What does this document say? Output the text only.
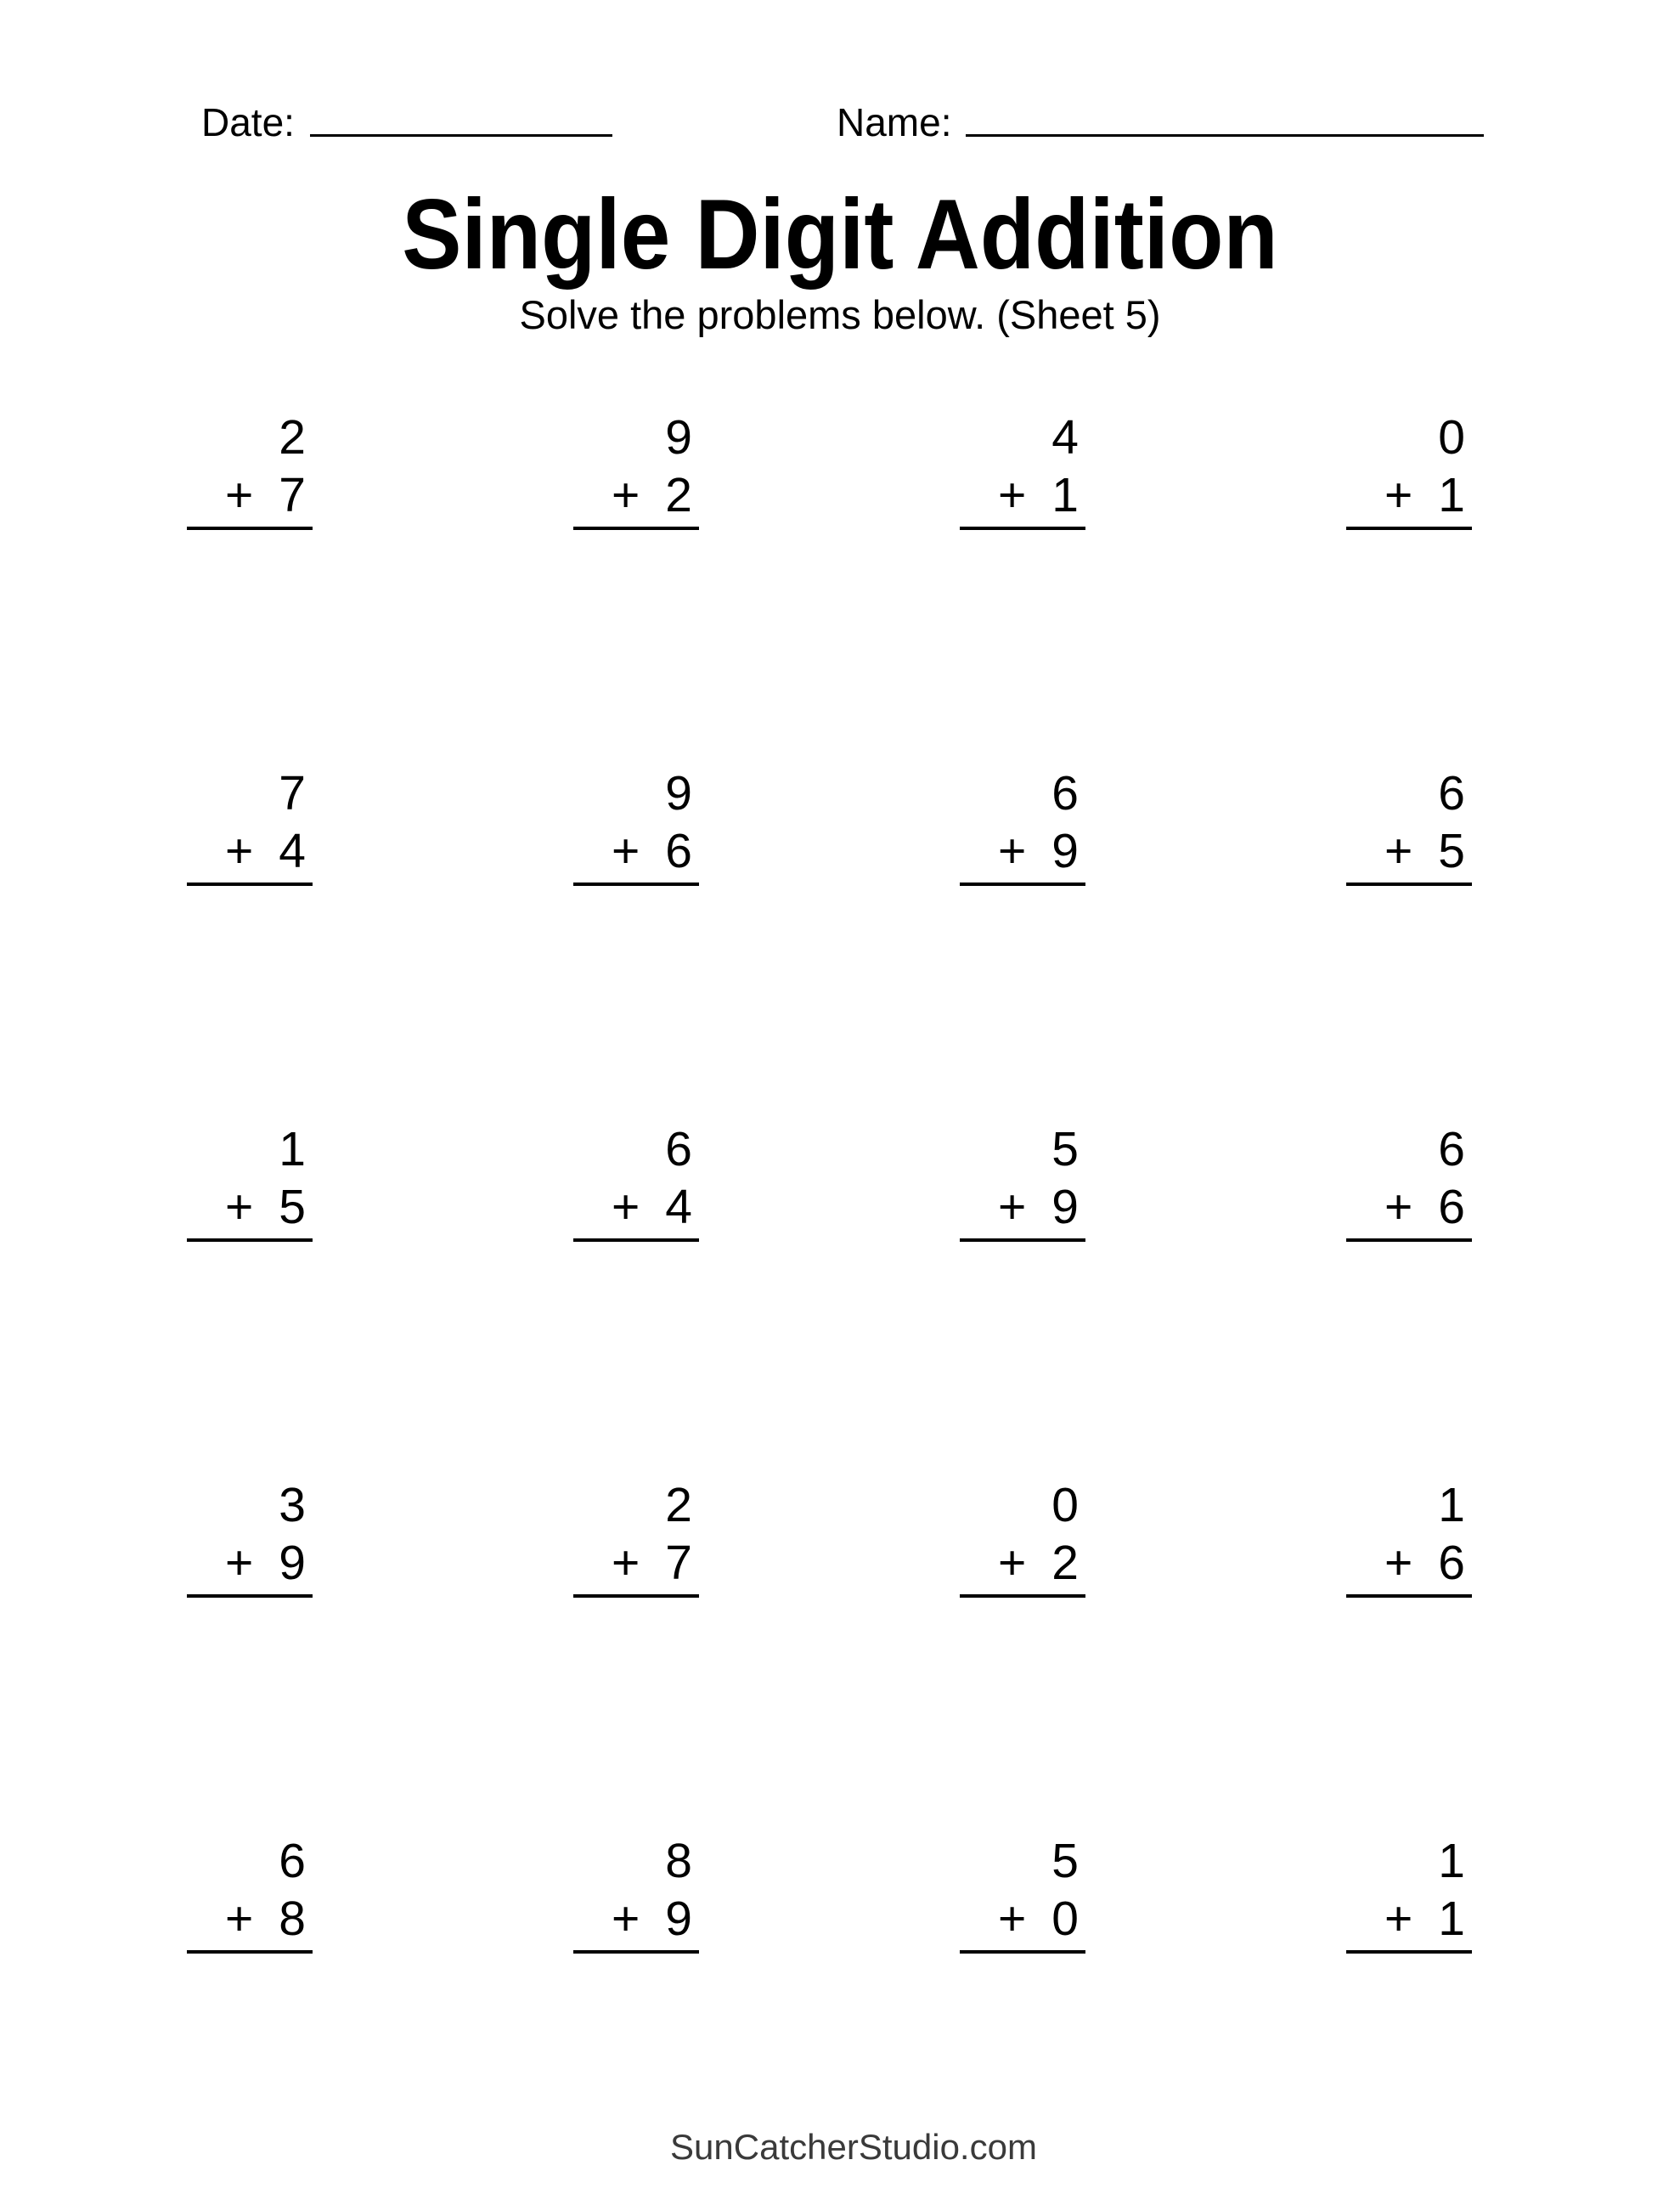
Date:	Name:
Single Digit Addition
Solve the problems below. (Sheet 5)
2
+ 7
9
+ 2
4
+ 1
0
+ 1
7
+ 4
9
+ 6
6
+ 9
6
+ 5
1
+ 5
6
+ 4
5
+ 9
6
+ 6
3
+ 9
2
+ 7
0
+ 2
1
+ 6
6
+ 8
8
+ 9
5
+ 0
1
+ 1
SunCatcherStudio.com
